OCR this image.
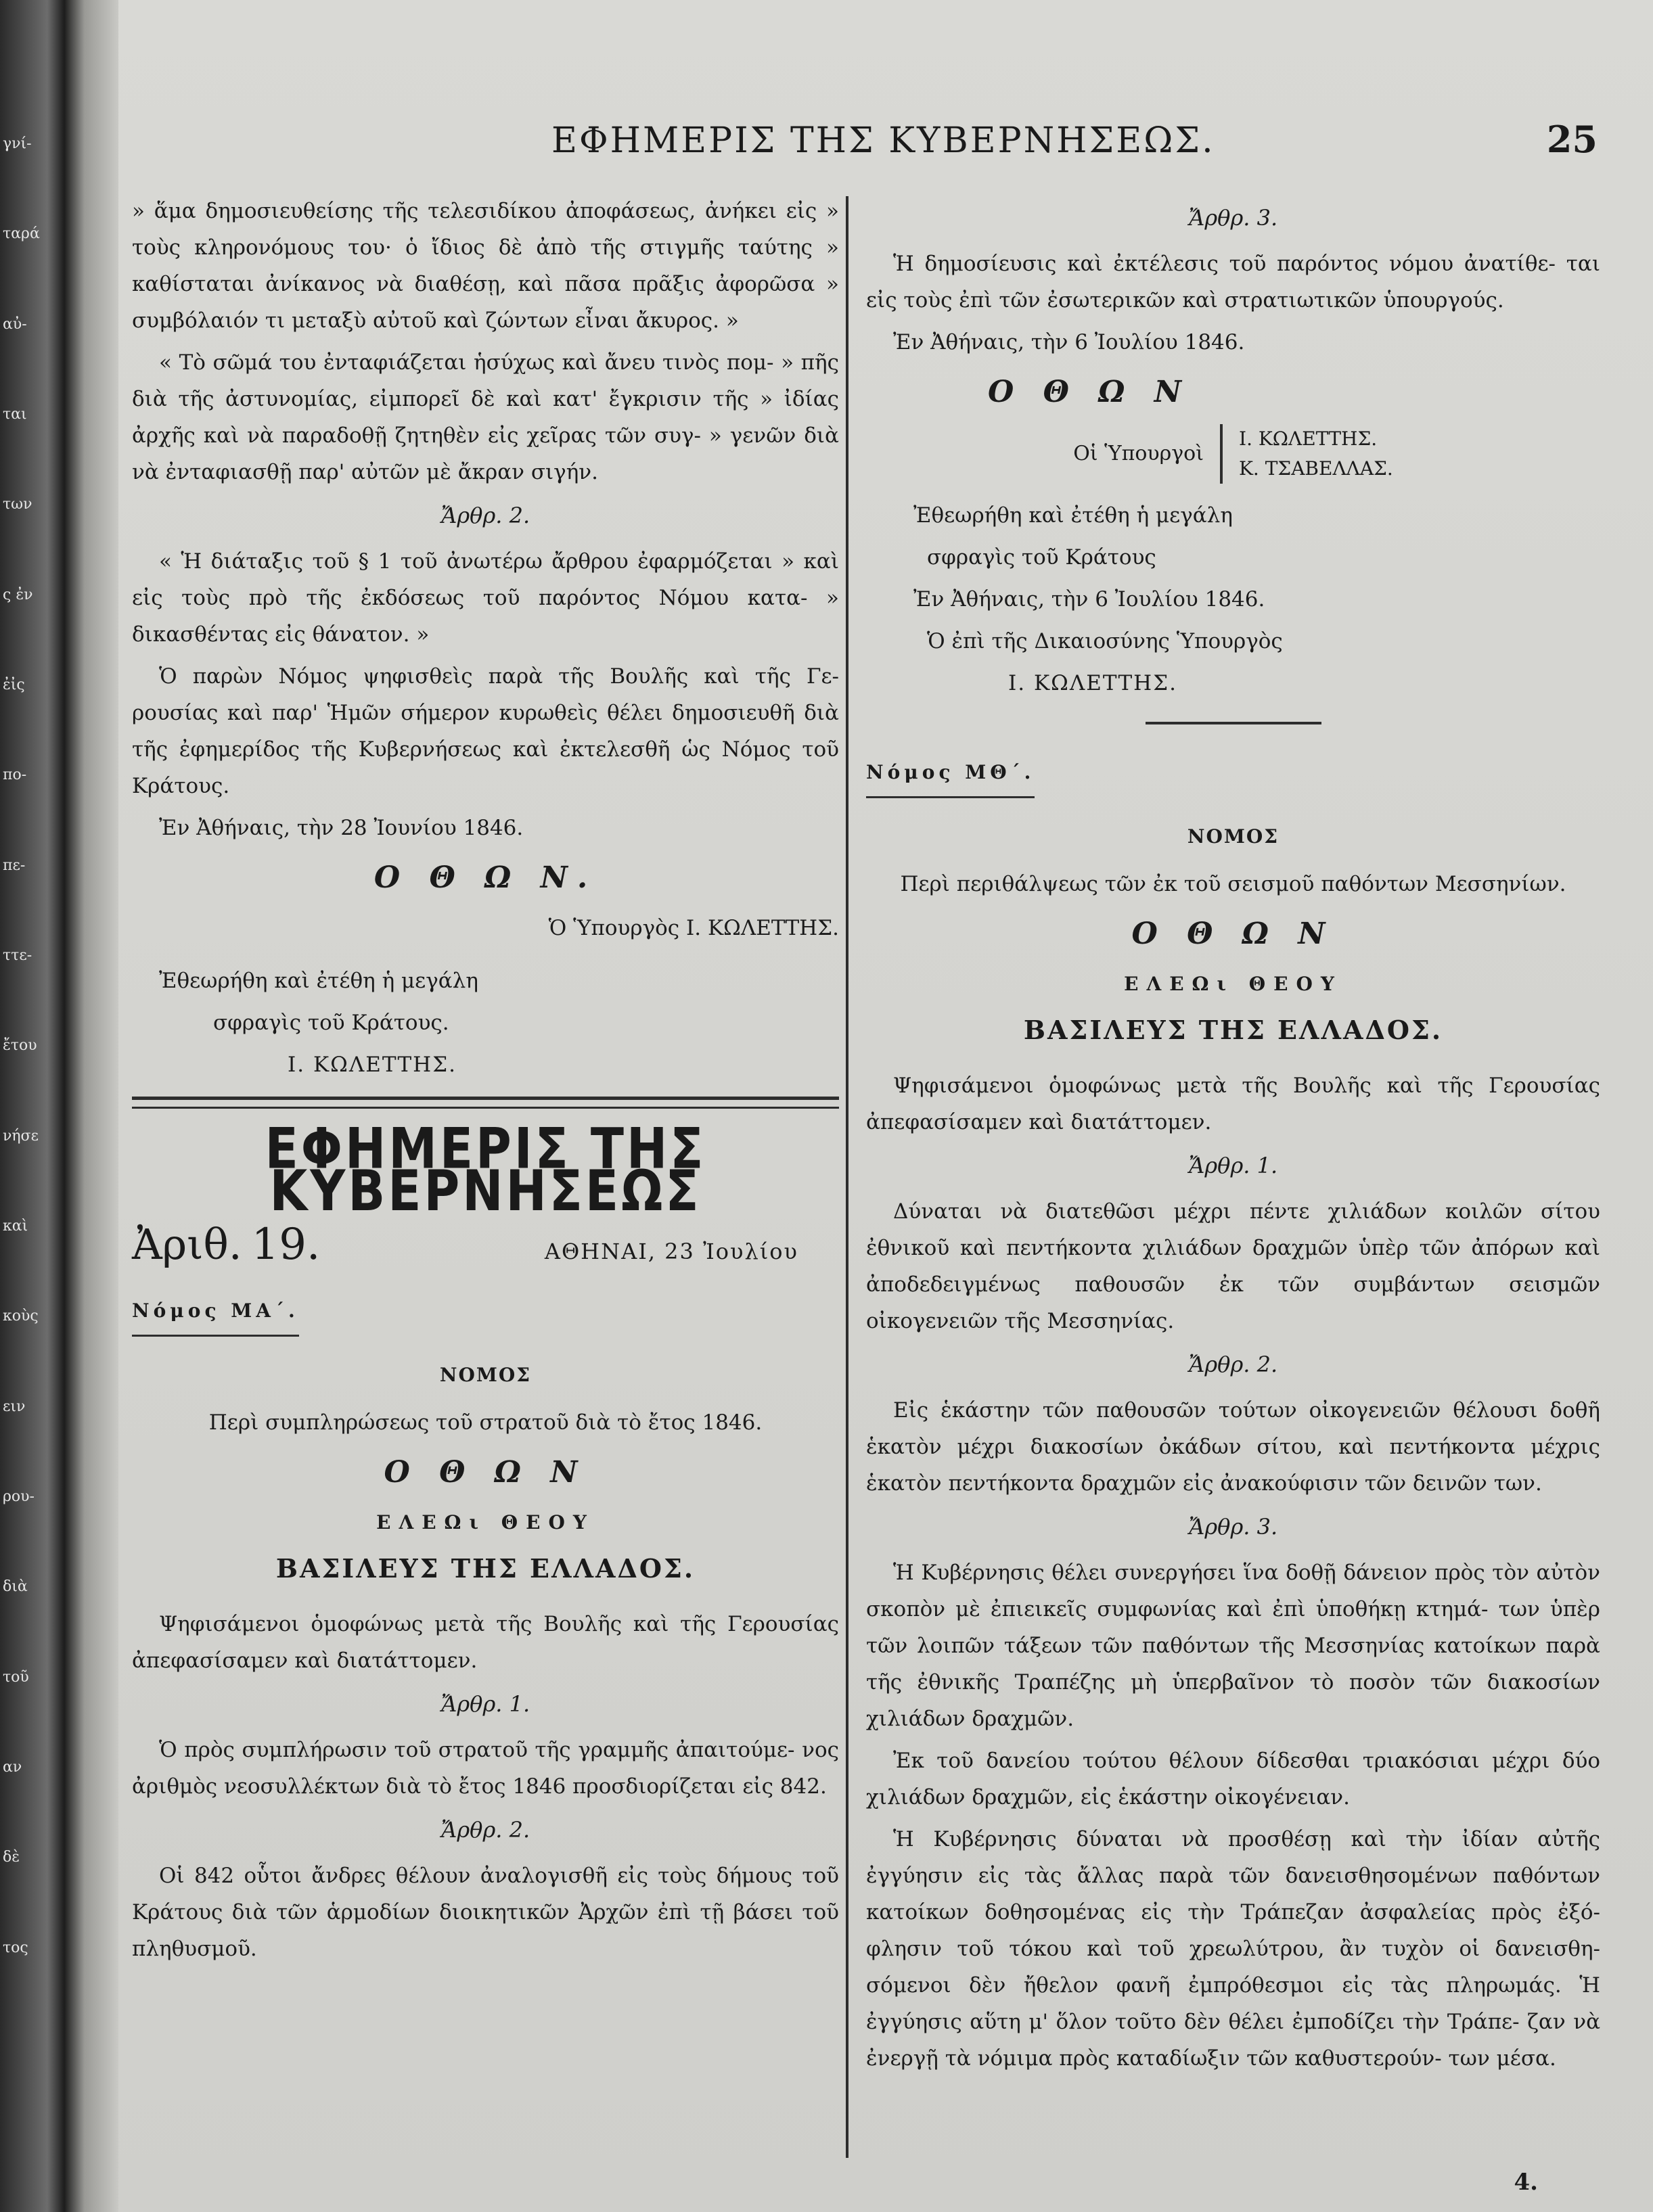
γνί-
ταρά
αὐ-
ται
των
ς ἐν
ἐἰς
πο-
πε-
ττε-
ἔτου
νήσε
καὶ
κοὺς
ειν
ρου-
διὰ
τοῦ
αν
δὲ
τος
ΕΦΗΜΕΡΙΣ ΤΗΣ ΚΥΒΕΡΝΗΣΕΩΣ.	25

» ἅμα δημοσιευθείσης τῆς τελεσιδίκου ἀποφάσεως, ἀνήκει εἰς » τοὺς κληρονόμους του· ὁ ἴδιος δὲ ἀπὸ τῆς στιγμῆς ταύτης » καθίσταται ἀνίκανος νὰ διαθέσῃ, καὶ πᾶσα πρᾶξις ἀφορῶσα » συμβόλαιόν τι μεταξὺ αὐτοῦ καὶ ζώντων εἶναι ἄκυρος. »

« Τὸ σῶμά του ἐνταφιάζεται ἡσύχως καὶ ἄνευ τινὸς πομ- » πῆς διὰ τῆς ἀστυνομίας, εἰμπορεῖ δὲ καὶ κατ' ἔγκρισιν τῆς » ἰδίας ἀρχῆς καὶ νὰ παραδοθῇ ζητηθὲν εἰς χεῖρας τῶν συγ- » γενῶν διὰ νὰ ἐνταφιασθῇ παρ' αὐτῶν μὲ ἄκραν σιγήν.

Ἄρθρ. 2.

« Ἡ διάταξις τοῦ § 1 τοῦ ἀνωτέρω ἄρθρου ἐφαρμόζεται » καὶ εἰς τοὺς πρὸ τῆς ἐκδόσεως τοῦ παρόντος Νόμου κατα- » δικασθέντας εἰς θάνατον. »

Ὁ παρὼν Νόμος ψηφισθεὶς παρὰ τῆς Βουλῆς καὶ τῆς Γε- ρουσίας καὶ παρ' Ἡμῶν σήμερον κυρωθεὶς θέλει δημοσιευθῆ διὰ τῆς ἐφημερίδος τῆς Κυβερνήσεως καὶ ἐκτελεσθῆ ὡς Νόμος τοῦ Κράτους.

Ἐν Ἀθήναις, τὴν 28 Ἰουνίου 1846.

Ο Θ Ω Ν.

Ὁ Ὑπουργὸς Ι. ΚΩΛΕΤΤΗΣ.

Ἐθεωρήθη καὶ ἐτέθη ἡ μεγάλη

σφραγὶς τοῦ Κράτους.

Ι. ΚΩΛΕΤΤΗΣ.

ΕΦΗΜΕΡΙΣ ΤΗΣ ΚΥΒΕΡΝΗΣΕΩΣ
Ἀριθ. 19.	ΑΘΗΝΑΙ, 23 Ἰουλίου
Νόμος ΜΑ΄.

ΝΟΜΟΣ

Περὶ συμπληρώσεως τοῦ στρατοῦ διὰ τὸ ἔτος 1846.

Ο Θ Ω Ν

ΕΛΕΩι ΘΕΟΥ

ΒΑΣΙΛΕΥΣ ΤΗΣ ΕΛΛΑΔΟΣ.

Ψηφισάμενοι ὁμοφώνως μετὰ τῆς Βουλῆς καὶ τῆς Γερουσίας ἀπεφασίσαμεν καὶ διατάττομεν.

Ἄρθρ. 1.

Ὁ πρὸς συμπλήρωσιν τοῦ στρατοῦ τῆς γραμμῆς ἀπαιτούμε- νος ἀριθμὸς νεοσυλλέκτων διὰ τὸ ἔτος 1846 προσδιορίζεται εἰς 842.

Ἄρθρ. 2.

Οἱ 842 οὗτοι ἄνδρες θέλουν ἀναλογισθῆ εἰς τοὺς δήμους τοῦ Κράτους διὰ τῶν ἁρμοδίων διοικητικῶν Ἀρχῶν ἐπὶ τῇ βάσει τοῦ πληθυσμοῦ.

Ἄρθρ. 3.

Ἡ δημοσίευσις καὶ ἐκτέλεσις τοῦ παρόντος νόμου ἀνατίθε- ται εἰς τοὺς ἐπὶ τῶν ἐσωτερικῶν καὶ στρατιωτικῶν ὑπουργούς.

Ἐν Ἀθήναις, τὴν 6 Ἰουλίου 1846.

Ο Θ Ω Ν

Οἱ Ὑπουργοὶ
Ι. ΚΩΛΕΤΤΗΣ.
Κ. ΤΣΑΒΕΛΛΑΣ.

Ἐθεωρήθη καὶ ἐτέθη ἡ μεγάλη

σφραγὶς τοῦ Κράτους

Ἐν Ἀθήναις, τὴν 6 Ἰουλίου 1846.

Ὁ ἐπὶ τῆς Δικαιοσύνης Ὑπουργὸς

Ι. ΚΩΛΕΤΤΗΣ.

Νόμος ΜΘ΄.

ΝΟΜΟΣ

Περὶ περιθάλψεως τῶν ἐκ τοῦ σεισμοῦ παθόντων Μεσσηνίων.

Ο Θ Ω Ν

ΕΛΕΩι ΘΕΟΥ

ΒΑΣΙΛΕΥΣ ΤΗΣ ΕΛΛΑΔΟΣ.

Ψηφισάμενοι ὁμοφώνως μετὰ τῆς Βουλῆς καὶ τῆς Γερουσίας ἀπεφασίσαμεν καὶ διατάττομεν.

Ἄρθρ. 1.

Δύναται νὰ διατεθῶσι μέχρι πέντε χιλιάδων κοιλῶν σίτου ἐθνικοῦ καὶ πεντήκοντα χιλιάδων δραχμῶν ὑπὲρ τῶν ἀπόρων καὶ ἀποδεδειγμένως παθουσῶν ἐκ τῶν συμβάντων σεισμῶν οἰκογενειῶν τῆς Μεσσηνίας.

Ἄρθρ. 2.

Εἰς ἑκάστην τῶν παθουσῶν τούτων οἰκογενειῶν θέλουσι δοθῆ ἑκατὸν μέχρι διακοσίων ὀκάδων σίτου, καὶ πεντήκοντα μέχρις ἑκατὸν πεντήκοντα δραχμῶν εἰς ἀνακούφισιν τῶν δεινῶν των.

Ἄρθρ. 3.

Ἡ Κυβέρνησις θέλει συνεργήσει ἵνα δοθῇ δάνειον πρὸς τὸν αὐτὸν σκοπὸν μὲ ἐπιεικεῖς συμφωνίας καὶ ἐπὶ ὑποθήκῃ κτημά- των ὑπὲρ τῶν λοιπῶν τάξεων τῶν παθόντων τῆς Μεσσηνίας κατοίκων παρὰ τῆς ἐθνικῆς Τραπέζης μὴ ὑπερβαῖνον τὸ ποσὸν τῶν διακοσίων χιλιάδων δραχμῶν.

Ἐκ τοῦ δανείου τούτου θέλουν δίδεσθαι τριακόσιαι μέχρι δύο χιλιάδων δραχμῶν, εἰς ἑκάστην οἰκογένειαν.

Ἡ Κυβέρνησις δύναται νὰ προσθέσῃ καὶ τὴν ἰδίαν αὐτῆς ἐγγύησιν εἰς τὰς ἄλλας παρὰ τῶν δανεισθησομένων παθόντων κατοίκων δοθησομένας εἰς τὴν Τράπεζαν ἀσφαλείας πρὸς ἐξό- φλησιν τοῦ τόκου καὶ τοῦ χρεωλύτρου, ἂν τυχὸν οἱ δανεισθη- σόμενοι δὲν ἤθελον φανῆ ἐμπρόθεσμοι εἰς τὰς πληρωμάς. Ἡ ἐγγύησις αὕτη μ' ὅλον τοῦτο δὲν θέλει ἐμποδίζει τὴν Τράπε- ζαν νὰ ἐνεργῇ τὰ νόμιμα πρὸς καταδίωξιν τῶν καθυστερούν- των μέσα.

4.
